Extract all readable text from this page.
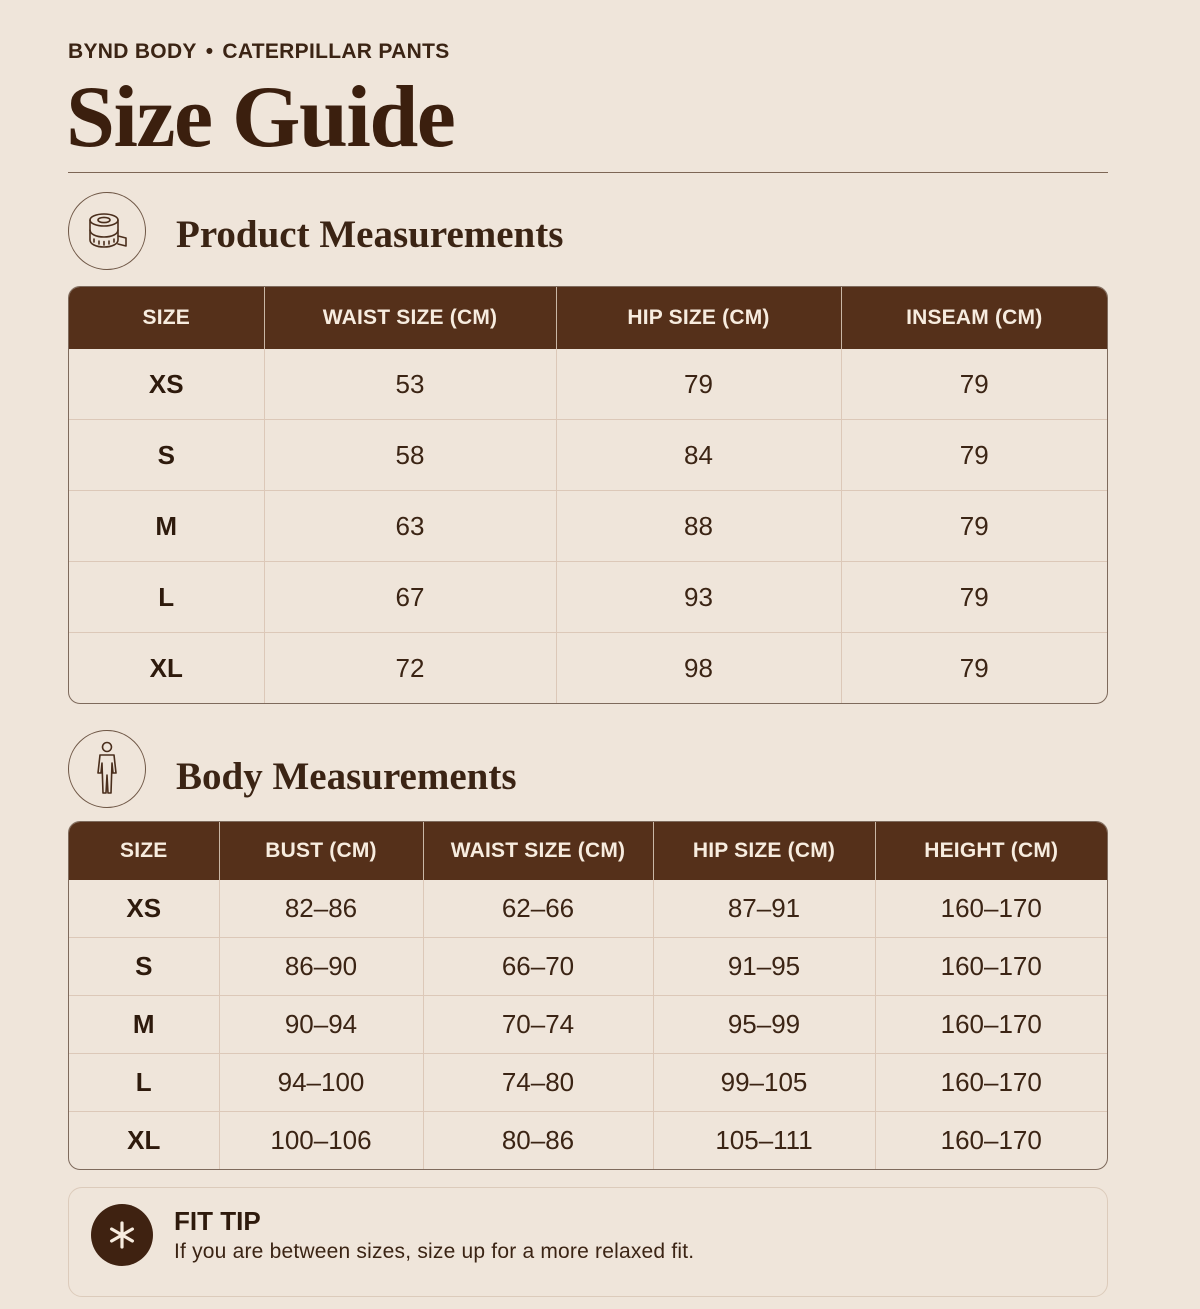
BYND BODY • CATERPILLAR PANTS
Size Guide
Product Measurements
SIZE	WAIST SIZE (CM)	HIP SIZE (CM)	INSEAM (CM)
XS	53	79	79
S	58	84	79
M	63	88	79
L	67	93	79
XL	72	98	79
Body Measurements
SIZE	BUST (CM)	WAIST SIZE (CM)	HIP SIZE (CM)	HEIGHT (CM)
XS	82–86	62–66	87–91	160–170
S	86–90	66–70	91–95	160–170
M	90–94	70–74	95–99	160–170
L	94–100	74–80	99–105	160–170
XL	100–106	80–86	105–111	160–170
FIT TIP
If you are between sizes, size up for a more relaxed fit.
